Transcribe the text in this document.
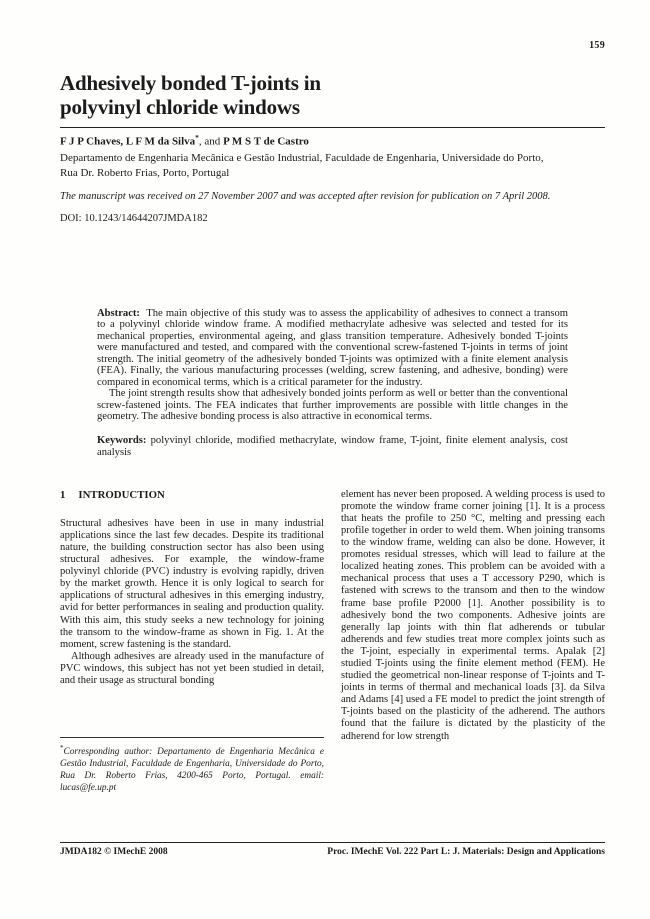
159
Adhesively bonded T-joints in
polyvinyl chloride windows
F J P Chaves, L F M da Silva*, and P M S T de Castro
Departamento de Engenharia Mecânica e Gestão Industrial, Faculdade de Engenharia, Universidade do Porto,
Rua Dr. Roberto Frias, Porto, Portugal
The manuscript was received on 27 November 2007 and was accepted after revision for publication on 7 April 2008.
DOI: 10.1243/14644207JMDA182

Abstract: The main objective of this study was to assess the applicability of adhesives to connect a transom to a polyvinyl chloride window frame. A modified methacrylate adhesive was selected and tested for its mechanical properties, environmental ageing, and glass transition temperature. Adhesively bonded T-joints were manufactured and tested, and compared with the conventional screw-fastened T-joints in terms of joint strength. The initial geometry of the adhesively bonded T-joints was optimized with a finite element analysis (FEA). Finally, the various manufacturing processes (welding, screw fastening, and adhesive, bonding) were compared in economical terms, which is a critical parameter for the industry.

The joint strength results show that adhesively bonded joints perform as well or better than the conventional screw-fastened joints. The FEA indicates that further improvements are possible with little changes in the geometry. The adhesive bonding process is also attractive in economical terms.

Keywords: polyvinyl chloride, modified methacrylate, window frame, T-joint, finite element analysis, cost analysis
1 INTRODUCTION

Structural adhesives have been in use in many industrial applications since the last few decades. Despite its traditional nature, the building construction sector has also been using structural adhesives. For example, the window-frame polyvinyl chloride (PVC) industry is evolving rapidly, driven by the market growth. Hence it is only logical to search for applications of structural adhesives in this emerging industry, avid for better performances in sealing and production quality. With this aim, this study seeks a new technology for joining the transom to the window-frame as shown in Fig. 1. At the moment, screw fastening is the standard.

Although adhesives are already used in the manufacture of PVC windows, this subject has not yet been studied in detail, and their usage as structural bonding

*Corresponding author: Departamento de Engenharia Mecânica e Gestão Industrial, Faculdade de Engenharia, Universidade do Porto, Rua Dr. Roberto Frias, 4200-465 Porto, Portugal. email: lucas@fe.up.pt

element has never been proposed. A welding process is used to promote the window frame corner joining [1]. It is a process that heats the profile to 250 °C, melting and pressing each profile together in order to weld them. When joining transoms to the window frame, welding can also be done. However, it promotes residual stresses, which will lead to failure at the localized heating zones. This problem can be avoided with a mechanical process that uses a T accessory P290, which is fastened with screws to the transom and then to the window frame base profile P2000 [1]. Another possibility is to adhesively bond the two components. Adhesive joints are generally lap joints with thin flat adherends or tubular adherends and few studies treat more complex joints such as the T-joint, especially in experimental terms. Apalak [2] studied T-joints using the finite element method (FEM). He studied the geometrical non-linear response of T-joints and T-joints in terms of thermal and mechanical loads [3]. da Silva and Adams [4] used a FE model to predict the joint strength of T-joints based on the plasticity of the adherend. The authors found that the failure is dictated by the plasticity of the adherend for low strength

JMDA182 © IMechE 2008	Proc. IMechE Vol. 222 Part L: J. Materials: Design and Applications
